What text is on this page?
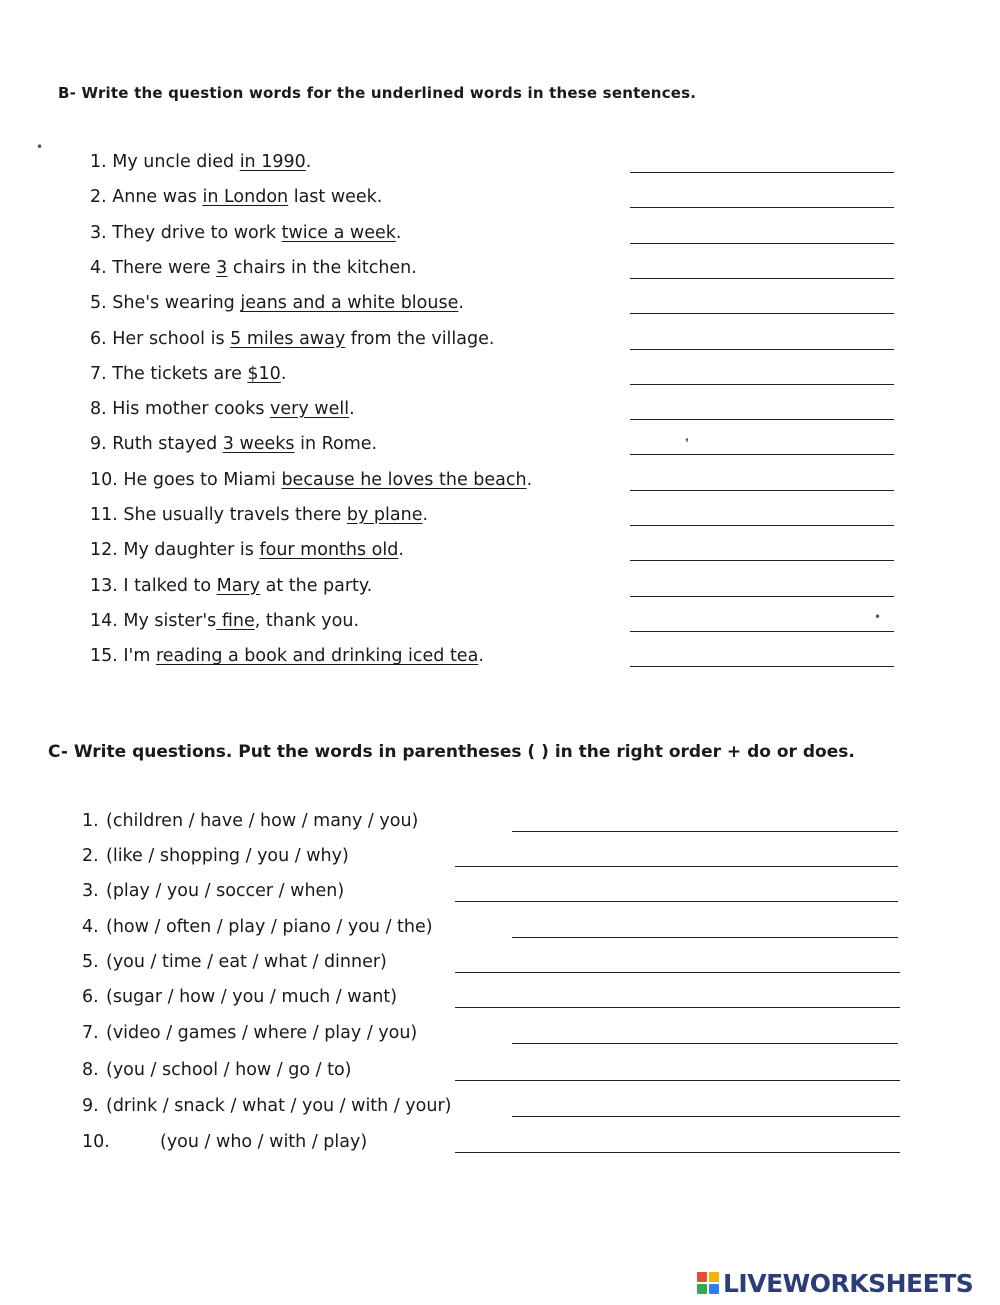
B- Write the question words for the underlined words in these sentences.
1. My uncle died in 1990.
2. Anne was in London last week.
3. They drive to work twice a week.
4. There were 3 chairs in the kitchen.
5. She's wearing jeans and a white blouse.
6. Her school is 5 miles away from the village.
7. The tickets are $10.
8. His mother cooks very well.
9. Ruth stayed 3 weeks in Rome.
10. He goes to Miami because he loves the beach.
11. She usually travels there by plane.
12. My daughter is four months old.
13. I talked to Mary at the party.
14. My sister's fine, thank you.
15. I'm reading a book and drinking iced tea.
C- Write questions. Put the words in parentheses ( ) in the right order + do or does.
1. (children / have / how / many / you)
2. (like / shopping / you / why)
3. (play / you / soccer / when)
4. (how / often / play / piano / you / the)
5. (you / time / eat / what / dinner)
6. (sugar / how / you / much / want)
7. (video / games / where / play / you)
8. (you / school / how / go / to)
9. (drink / snack / what / you / with / your)
10.	(you / who / with / play)
•
❜
•
LIVEWORKSHEETS
